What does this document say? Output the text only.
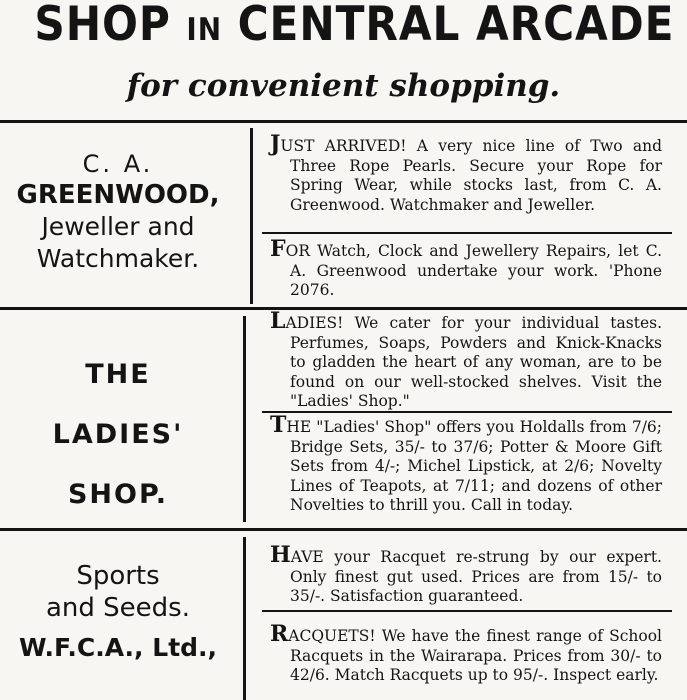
SHOP IN CENTRAL ARCADE
for convenient shopping.
C. A.
GREENWOOD,
Jeweller and
Watchmaker.
JUST ARRIVED! A very nice line of Two and Three Rope Pearls. Secure your Rope for Spring Wear, while stocks last, from C. A. Greenwood. Watchmaker and Jeweller.
FOR Watch, Clock and Jewellery Repairs, let C. A. Greenwood undertake your work. 'Phone 2076.
THE
LADIES'
SHOP.
LADIES! We cater for your individual tastes. Perfumes, Soaps, Powders and Knick-Knacks to gladden the heart of any woman, are to be found on our well-stocked shelves. Visit the "Ladies' Shop."
THE "Ladies' Shop" offers you Holdalls from 7/6; Bridge Sets, 35/- to 37/6; Potter & Moore Gift Sets from 4/-; Michel Lipstick, at 2/6; Novelty Lines of Teapots, at 7/11; and dozens of other Novelties to thrill you. Call in today.
Sports
and Seeds.
W.F.C.A., Ltd.,
HAVE your Racquet re-strung by our expert. Only finest gut used. Prices are from 15/- to 35/-. Satisfaction guaranteed.
RACQUETS! We have the finest range of School Racquets in the Wairarapa. Prices from 30/- to 42/6. Match Racquets up to 95/-. Inspect early.
